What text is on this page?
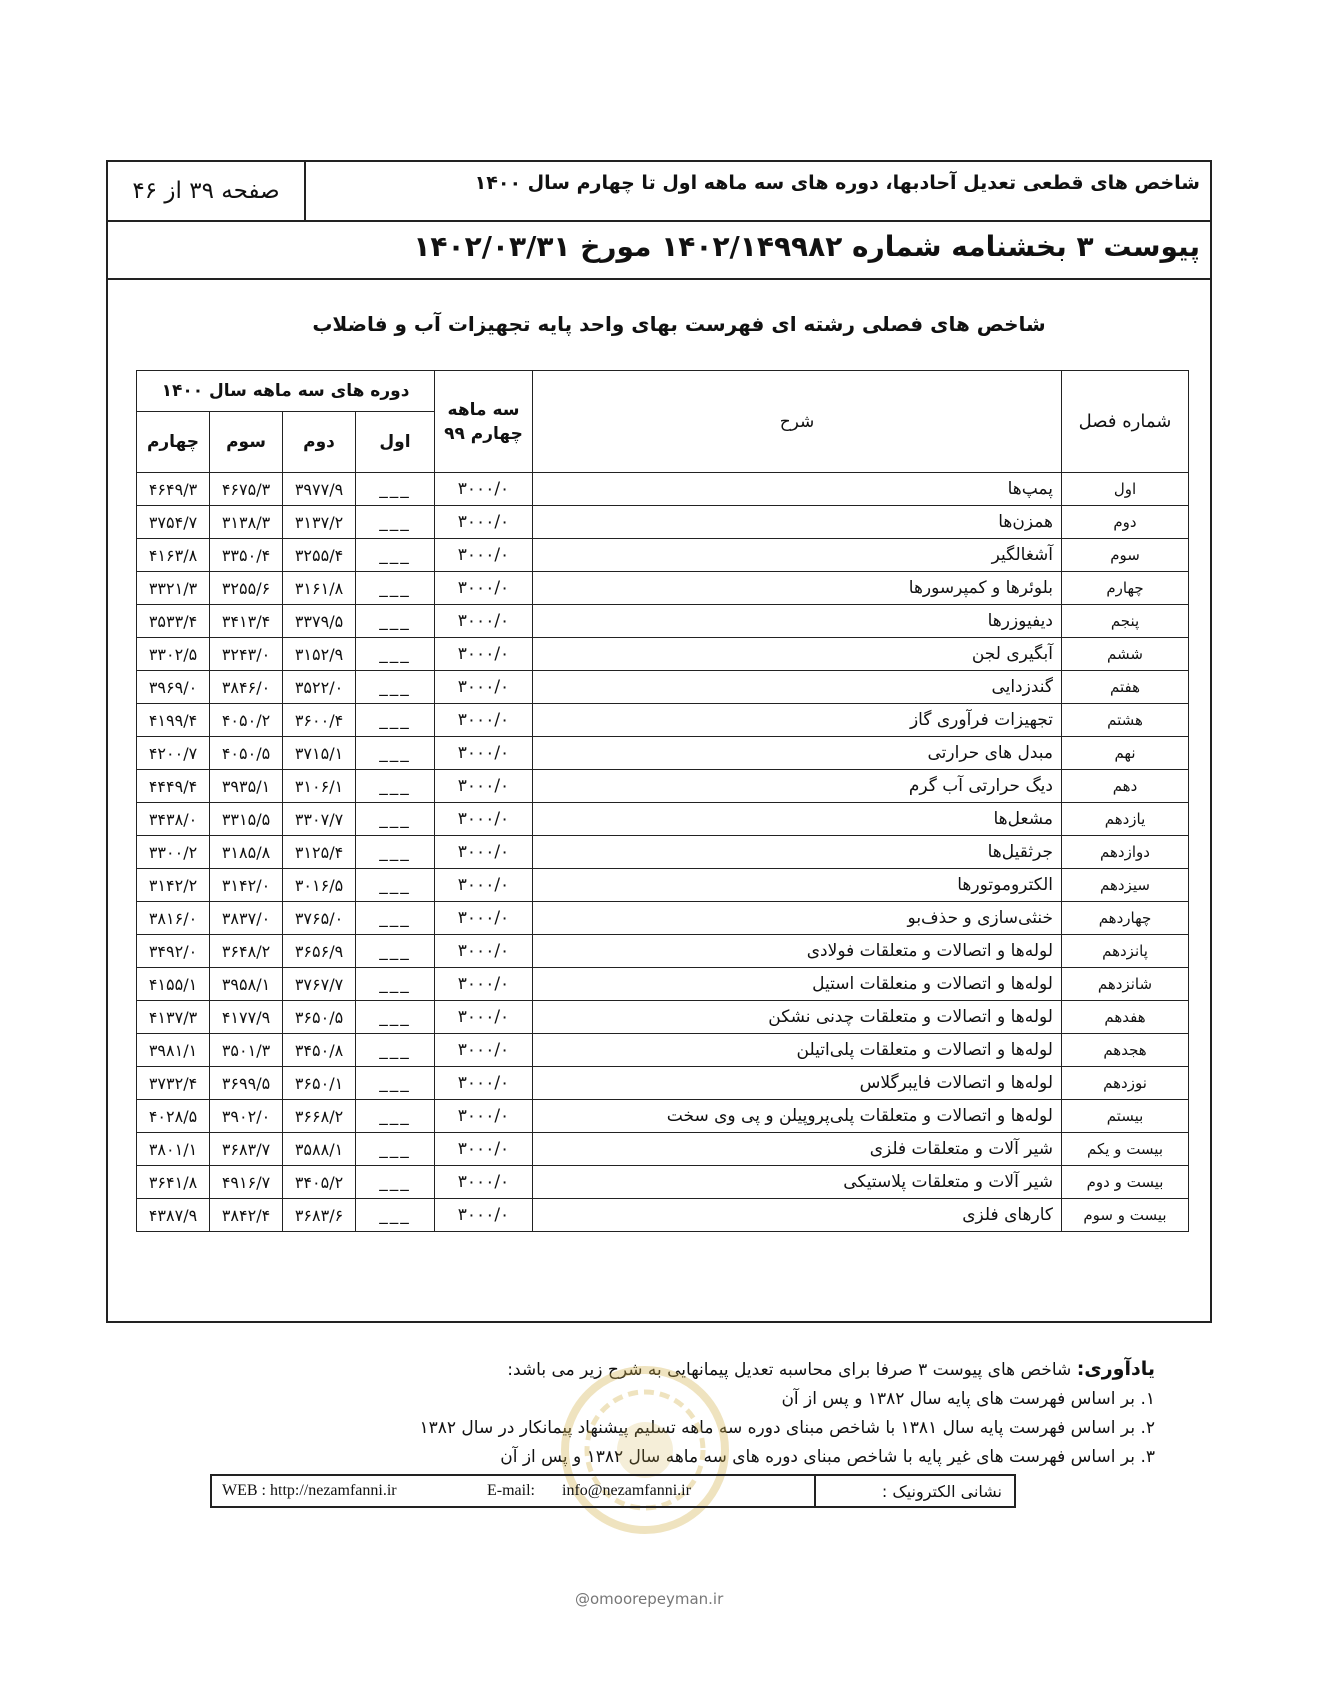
شاخص های قطعی تعدیل آحادبها، دوره های سه ماهه اول تا چهارم سال ۱۴۰۰
صفحه ۳۹ از ۴۶
پیوست ۳ بخشنامه شماره ۱۴۰۲/۱۴۹۹۸۲ مورخ ۱۴۰۲/۰۳/۳۱
شاخص های فصلی رشته ای فهرست بهای واحد پایه تجهیزات آب و فاضلاب
شماره فصل	شرح	سه ماهه چهارم ۹۹	دوره های سه ماهه سال ۱۴۰۰			
			اول	دوم	سوم	چهارم
اول	پمپ‌ها	۳۰۰۰/۰	___	۳۹۷۷/۹	۴۶۷۵/۳	۴۶۴۹/۳
دوم	همزن‌ها	۳۰۰۰/۰	___	۳۱۳۷/۲	۳۱۳۸/۳	۳۷۵۴/۷
سوم	آشغالگیر	۳۰۰۰/۰	___	۳۲۵۵/۴	۳۳۵۰/۴	۴۱۶۳/۸
چهارم	بلوئرها و کمپرسورها	۳۰۰۰/۰	___	۳۱۶۱/۸	۳۲۵۵/۶	۳۳۲۱/۳
پنجم	دیفیوزرها	۳۰۰۰/۰	___	۳۳۷۹/۵	۳۴۱۳/۴	۳۵۳۳/۴
ششم	آبگیری لجن	۳۰۰۰/۰	___	۳۱۵۲/۹	۳۲۴۳/۰	۳۳۰۲/۵
هفتم	گندزدایی	۳۰۰۰/۰	___	۳۵۲۲/۰	۳۸۴۶/۰	۳۹۶۹/۰
هشتم	تجهیزات فرآوری گاز	۳۰۰۰/۰	___	۳۶۰۰/۴	۴۰۵۰/۲	۴۱۹۹/۴
نهم	مبدل های حرارتی	۳۰۰۰/۰	___	۳۷۱۵/۱	۴۰۵۰/۵	۴۲۰۰/۷
دهم	دیگ حرارتی آب گرم	۳۰۰۰/۰	___	۳۱۰۶/۱	۳۹۳۵/۱	۴۴۴۹/۴
یازدهم	مشعل‌ها	۳۰۰۰/۰	___	۳۳۰۷/۷	۳۳۱۵/۵	۳۴۳۸/۰
دوازدهم	جرثقیل‌ها	۳۰۰۰/۰	___	۳۱۲۵/۴	۳۱۸۵/۸	۳۳۰۰/۲
سیزدهم	الکتروموتورها	۳۰۰۰/۰	___	۳۰۱۶/۵	۳۱۴۲/۰	۳۱۴۲/۲
چهاردهم	خنثی‌سازی و حذف‌بو	۳۰۰۰/۰	___	۳۷۶۵/۰	۳۸۳۷/۰	۳۸۱۶/۰
پانزدهم	لوله‌ها و اتصالات و متعلقات فولادی	۳۰۰۰/۰	___	۳۶۵۶/۹	۳۶۴۸/۲	۳۴۹۲/۰
شانزدهم	لوله‌ها و اتصالات و منعلقات استیل	۳۰۰۰/۰	___	۳۷۶۷/۷	۳۹۵۸/۱	۴۱۵۵/۱
هفدهم	لوله‌ها و اتصالات و متعلقات چدنی نشکن	۳۰۰۰/۰	___	۳۶۵۰/۵	۴۱۷۷/۹	۴۱۳۷/۳
هجدهم	لوله‌ها و اتصالات و متعلقات پلی‌اتیلن	۳۰۰۰/۰	___	۳۴۵۰/۸	۳۵۰۱/۳	۳۹۸۱/۱
نوزدهم	لوله‌ها و اتصالات فایبرگلاس	۳۰۰۰/۰	___	۳۶۵۰/۱	۳۶۹۹/۵	۳۷۳۲/۴
بیستم	لوله‌ها و اتصالات و متعلقات پلی‌پروپیلن و پی وی سخت	۳۰۰۰/۰	___	۳۶۶۸/۲	۳۹۰۲/۰	۴۰۲۸/۵
بیست و یکم	شیر آلات و متعلقات فلزی	۳۰۰۰/۰	___	۳۵۸۸/۱	۳۶۸۳/۷	۳۸۰۱/۱
بیست و دوم	شیر آلات و متعلقات پلاستیکی	۳۰۰۰/۰	___	۳۴۰۵/۲	۴۹۱۶/۷	۳۶۴۱/۸
بیست و سوم	کارهای فلزی	۳۰۰۰/۰	___	۳۶۸۳/۶	۳۸۴۲/۴	۴۳۸۷/۹
یادآوری: شاخص های پیوست ۳ صرفا برای محاسبه تعدیل پیمانهایی به شرح زیر می باشد:
۱. بر اساس فهرست های پایه سال ۱۳۸۲ و پس از آن
۲. بر اساس فهرست پایه سال ۱۳۸۱ با شاخص مبنای دوره سه ماهه تسلیم پیشنهاد پیمانکار در سال ۱۳۸۲
۳. بر اساس فهرست های غیر پایه با شاخص مبنای دوره های سه ماهه سال ۱۳۸۲ و پس از آن
WEB : http://nezamfanni.ir	E-mail: info@nezamfanni.ir	نشانی الکترونیک :
@omoorepeyman.ir
